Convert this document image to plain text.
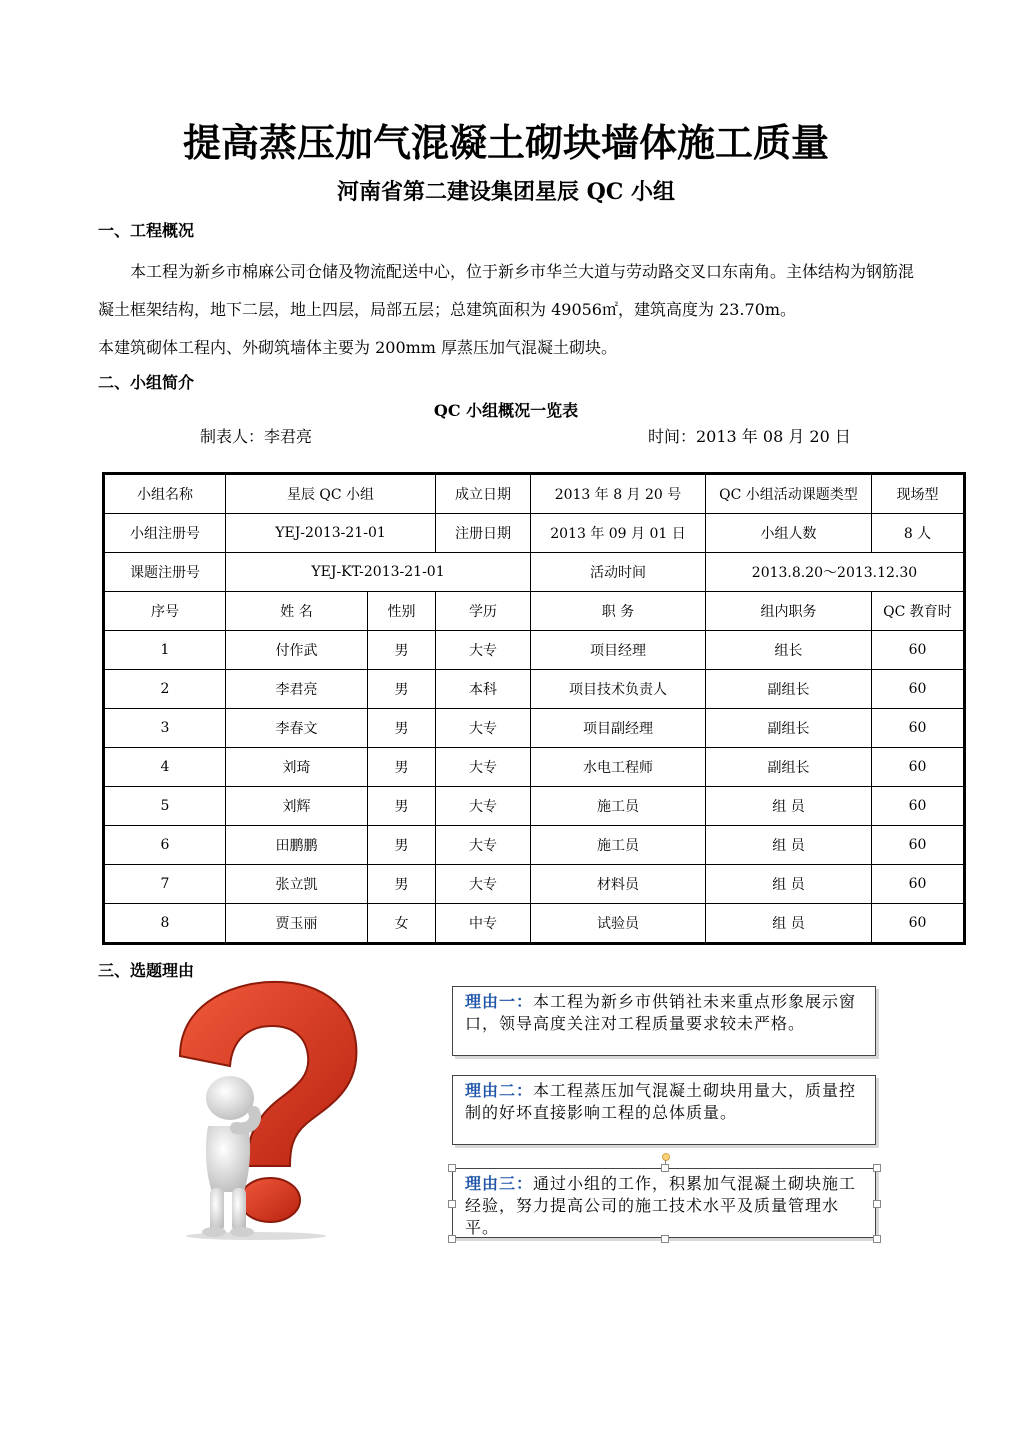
提高蒸压加气混凝土砌块墙体施工质量
河南省第二建设集团星辰 QC 小组
一、工程概况

本工程为新乡市棉麻公司仓储及物流配送中心，位于新乡市华兰大道与劳动路交叉口东南角。主体结构为钢筋混凝土框架结构，地下二层，地上四层，局部五层；总建筑面积为 49056㎡，建筑高度为 23.70m。

本建筑砌体工程内、外砌筑墙体主要为 200mm 厚蒸压加气混凝土砌块。

二、小组简介
QC 小组概况一览表
制表人：李君亮	时间：2013 年 08 月 20 日
小组名称	星辰 QC 小组		成立日期	2013 年 8 月 20 号	QC 小组活动课题类型	现场型
小组注册号	YEJ-2013-21-01		注册日期	2013 年 09 月 01 日	小组人数	8 人
课题注册号	YEJ-KT-2013-21-01			活动时间	2013.8.20～2013.12.30	
序号	姓 名	性别	学历	职 务	组内职务	QC 教育时
1	付作武	男	大专	项目经理	组长	60
2	李君亮	男	本科	项目技术负责人	副组长	60
3	李春文	男	大专	项目副经理	副组长	60
4	刘琦	男	大专	水电工程师	副组长	60
5	刘辉	男	大专	施工员	组 员	60
6	田鹏鹏	男	大专	施工员	组 员	60
7	张立凯	男	大专	材料员	组 员	60
8	贾玉丽	女	中专	试验员	组 员	60
三、选题理由
理由一：本工程为新乡市供销社未来重点形象展示窗口，领导高度关注对工程质量要求较未严格。
理由二：本工程蒸压加气混凝土砌块用量大，质量控制的好坏直接影响工程的总体质量。
理由三：通过小组的工作，积累加气混凝土砌块施工经验，努力提高公司的施工技术水平及质量管理水平。
